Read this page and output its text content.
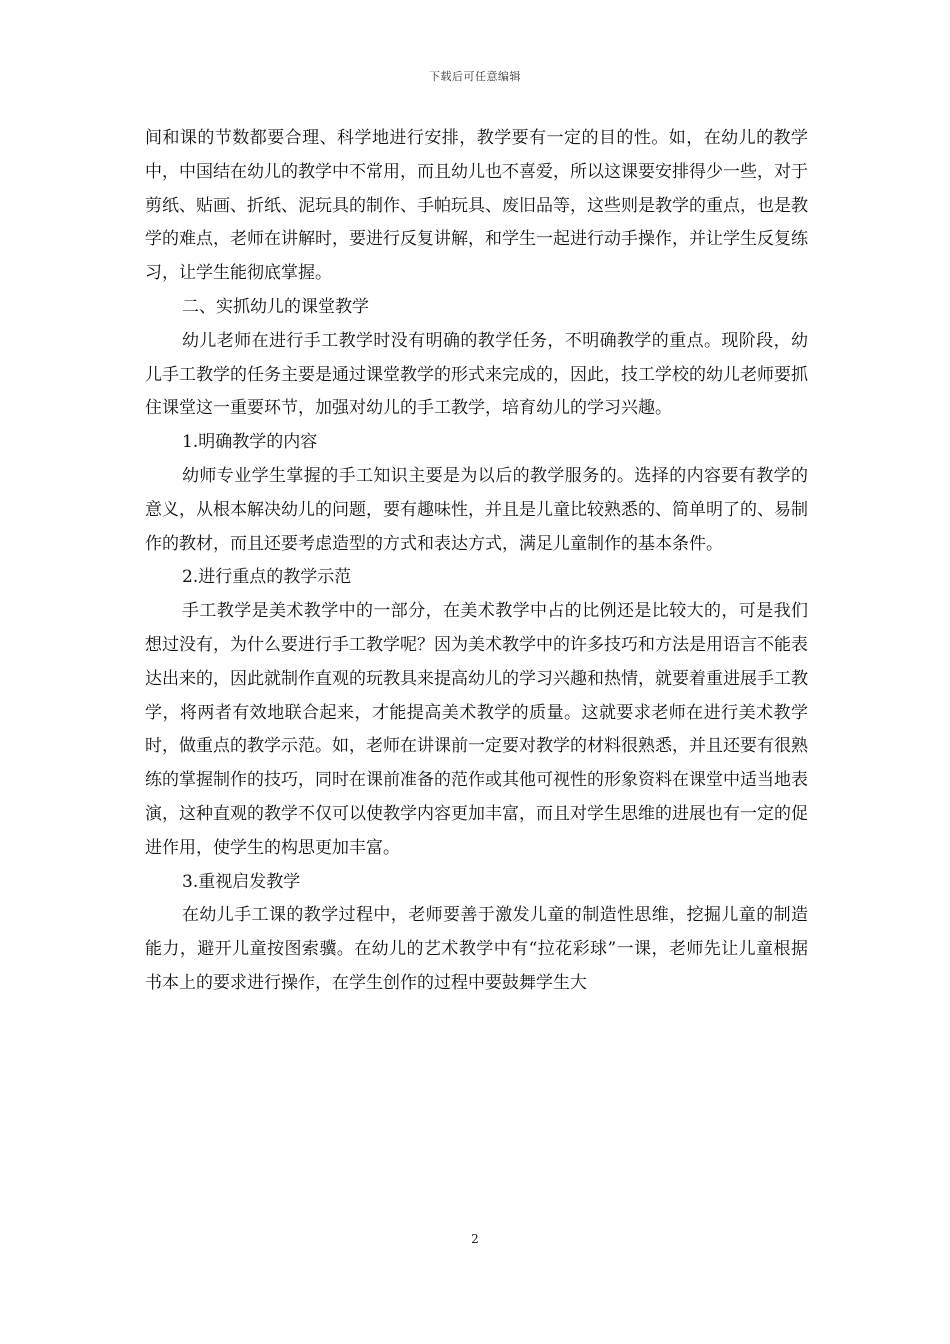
下载后可任意编辑

间和课的节数都要合理、科学地进行安排，教学要有一定的目的性。如，在幼儿的教学中，中国结在幼儿的教学中不常用，而且幼儿也不喜爱，所以这课要安排得少一些，对于剪纸、贴画、折纸、泥玩具的制作、手帕玩具、废旧品等，这些则是教学的重点，也是教学的难点，老师在讲解时，要进行反复讲解，和学生一起进行动手操作，并让学生反复练习，让学生能彻底掌握。

二、实抓幼儿的课堂教学

幼儿老师在进行手工教学时没有明确的教学任务，不明确教学的重点。现阶段，幼儿手工教学的任务主要是通过课堂教学的形式来完成的，因此，技工学校的幼儿老师要抓住课堂这一重要环节，加强对幼儿的手工教学，培育幼儿的学习兴趣。

1.明确教学的内容

幼师专业学生掌握的手工知识主要是为以后的教学服务的。选择的内容要有教学的意义，从根本解决幼儿的问题，要有趣味性，并且是儿童比较熟悉的、简单明了的、易制作的教材，而且还要考虑造型的方式和表达方式，满足儿童制作的基本条件。

2.进行重点的教学示范

手工教学是美术教学中的一部分，在美术教学中占的比例还是比较大的，可是我们想过没有，为什么要进行手工教学呢？因为美术教学中的许多技巧和方法是用语言不能表达出来的，因此就制作直观的玩教具来提高幼儿的学习兴趣和热情，就要着重进展手工教学，将两者有效地联合起来，才能提高美术教学的质量。这就要求老师在进行美术教学时，做重点的教学示范。如，老师在讲课前一定要对教学的材料很熟悉，并且还要有很熟练的掌握制作的技巧，同时在课前准备的范作或其他可视性的形象资料在课堂中适当地表演，这种直观的教学不仅可以使教学内容更加丰富，而且对学生思维的进展也有一定的促进作用，使学生的构思更加丰富。

3.重视启发教学

在幼儿手工课的教学过程中，老师要善于激发儿童的制造性思维，挖掘儿童的制造能力，避开儿童按图索骥。在幼儿的艺术教学中有“拉花彩球”一课，老师先让儿童根据书本上的要求进行操作，在学生创作的过程中要鼓舞学生大

2
